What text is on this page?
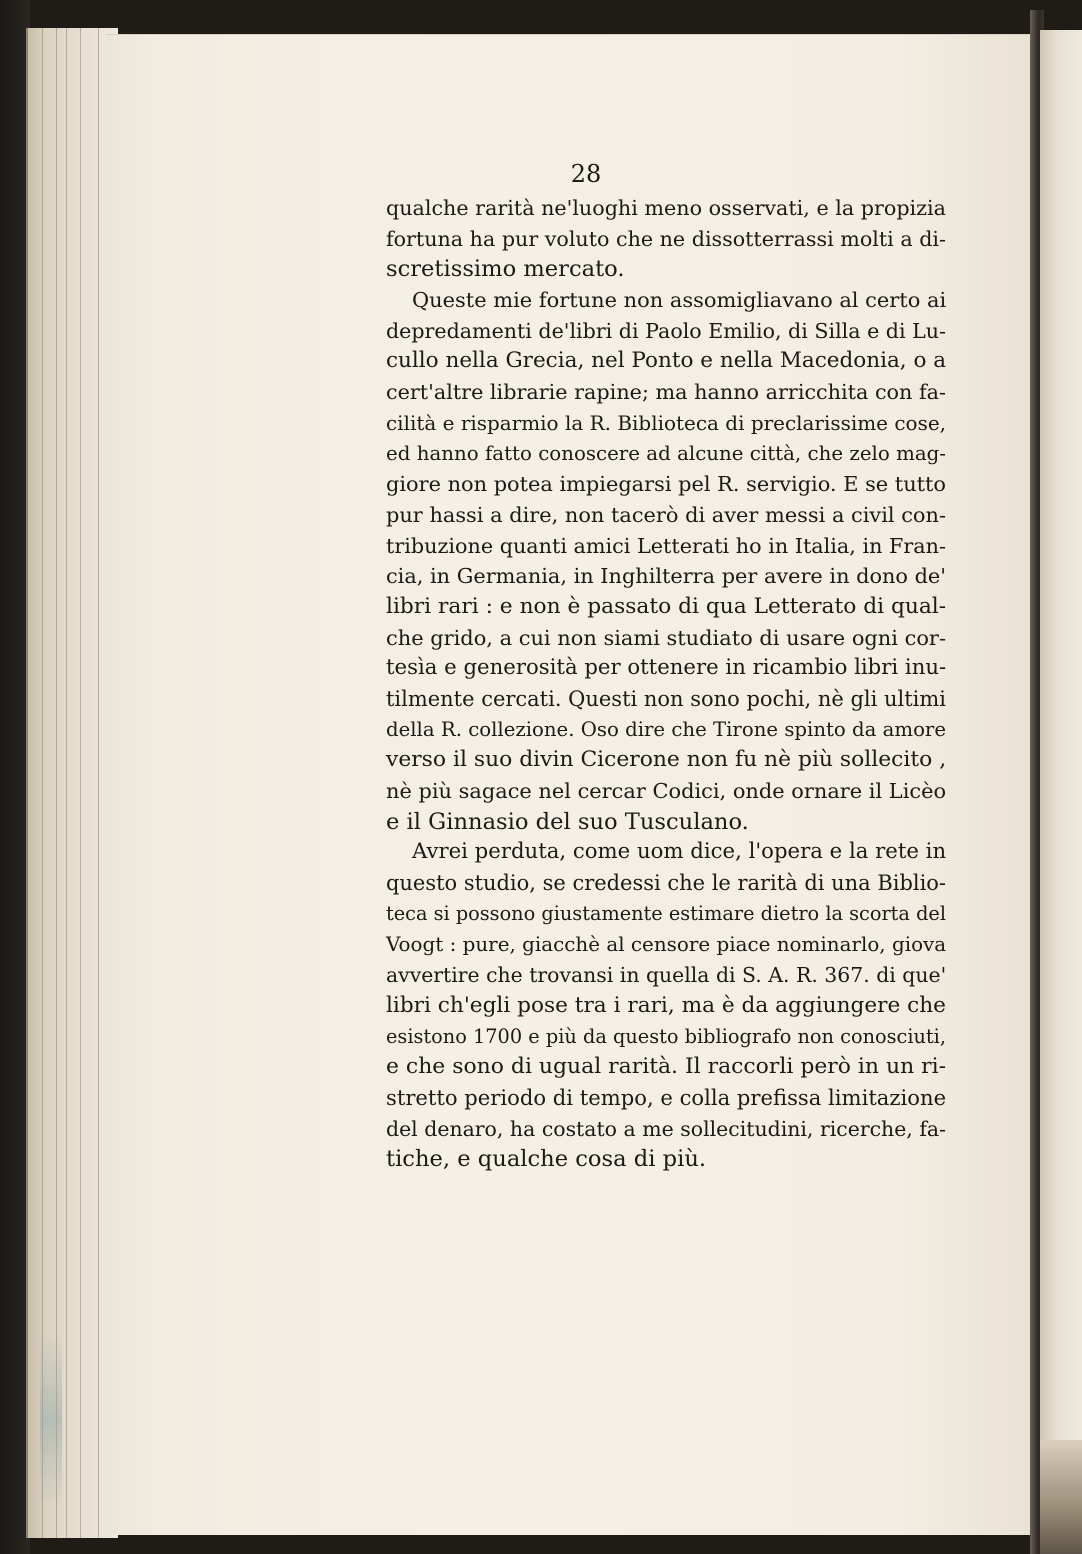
28
qualche rarità ne'luoghi meno osservati, e la propizia
fortuna ha pur voluto che ne dissotterrassi molti a di-
scretissimo mercato.
Queste mie fortune non assomigliavano al certo ai
depredamenti de'libri di Paolo Emilio, di Silla e di Lu-
cullo nella Grecia, nel Ponto e nella Macedonia, o a
cert'altre librarie rapine; ma hanno arricchita con fa-
cilità e risparmio la R. Biblioteca di preclarissime cose,
ed hanno fatto conoscere ad alcune città, che zelo mag-
giore non potea impiegarsi pel R. servigio. E se tutto
pur hassi a dire, non tacerò di aver messi a civil con-
tribuzione quanti amici Letterati ho in Italia, in Fran-
cia, in Germania, in Inghilterra per avere in dono de'
libri rari : e non è passato di qua Letterato di qual-
che grido, a cui non siami studiato di usare ogni cor-
tesìa e generosità per ottenere in ricambio libri inu-
tilmente cercati. Questi non sono pochi, nè gli ultimi
della R. collezione. Oso dire che Tirone spinto da amore
verso il suo divin Cicerone non fu nè più sollecito ,
nè più sagace nel cercar Codici, onde ornare il Licèo
e il Ginnasio del suo Tusculano.
Avrei perduta, come uom dice, l'opera e la rete in
questo studio, se credessi che le rarità di una Biblio-
teca si possono giustamente estimare dietro la scorta del
Voogt : pure, giacchè al censore piace nominarlo, giova
avvertire che trovansi in quella di S. A. R. 367. di que'
libri ch'egli pose tra i rari, ma è da aggiungere che
esistono 1700 e più da questo bibliografo non conosciuti,
e che sono di ugual rarità. Il raccorli però in un ri-
stretto periodo di tempo, e colla prefissa limitazione
del denaro, ha costato a me sollecitudini, ricerche, fa-
tiche, e qualche cosa di più.
